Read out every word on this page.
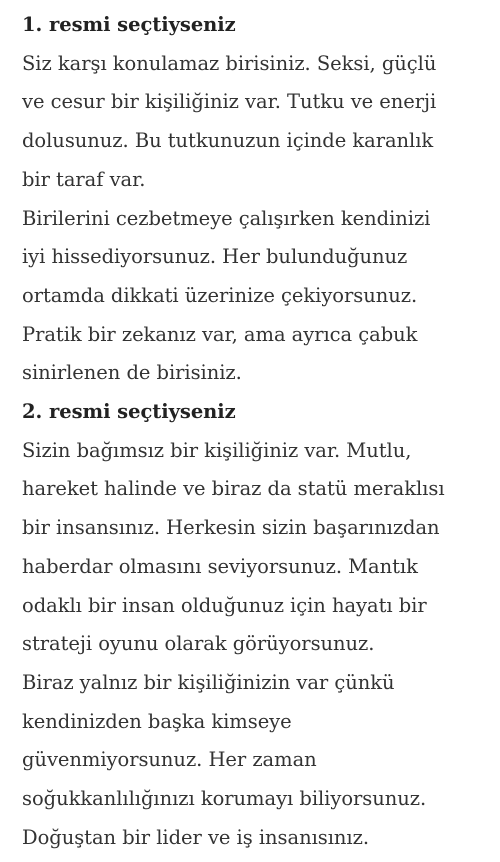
1. resmi seçtiyseniz

Siz karşı konulamaz birisiniz. Seksi, güçlü
ve cesur bir kişiliğiniz var. Tutku ve enerji
dolusunuz. Bu tutkunuzun içinde karanlık
bir taraf var.

Birilerini cezbetmeye çalışırken kendinizi
iyi hissediyorsunuz. Her bulunduğunuz
ortamda dikkati üzerinize çekiyorsunuz.
Pratik bir zekanız var, ama ayrıca çabuk
sinirlenen de birisiniz.

2. resmi seçtiyseniz

Sizin bağımsız bir kişiliğiniz var. Mutlu,
hareket halinde ve biraz da statü meraklısı
bir insansınız. Herkesin sizin başarınızdan
haberdar olmasını seviyorsunuz. Mantık
odaklı bir insan olduğunuz için hayatı bir
strateji oyunu olarak görüyorsunuz.

Biraz yalnız bir kişiliğinizin var çünkü
kendinizden başka kimseye
güvenmiyorsunuz. Her zaman
soğukkanlılığınızı korumayı biliyorsunuz.
Doğuştan bir lider ve iş insanısınız.
